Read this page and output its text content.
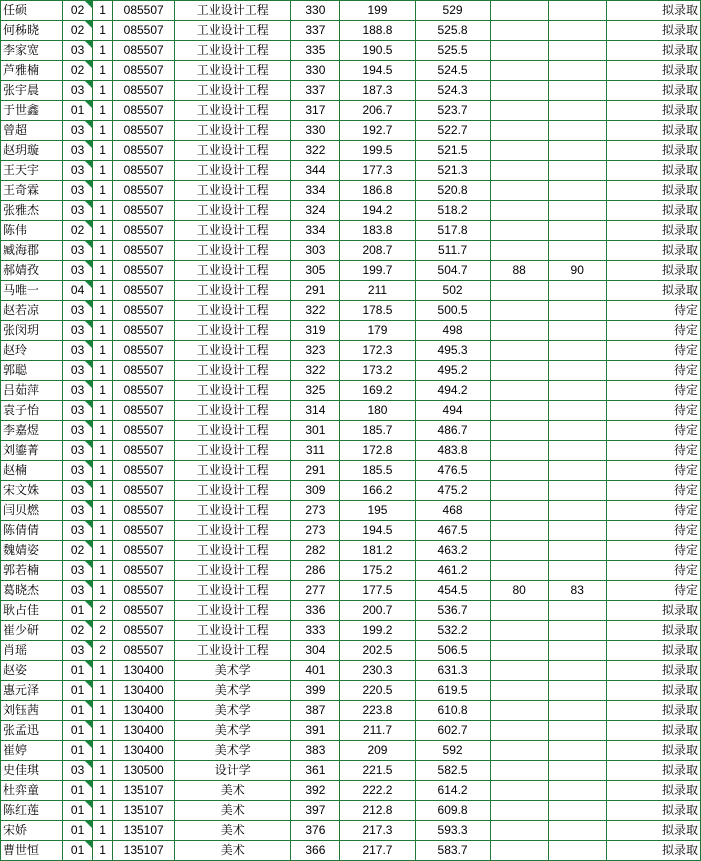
任硕	02	1	085507	工业设计工程	330	199	529			拟录取
何秭晓	02	1	085507	工业设计工程	337	188.8	525.8			拟录取
李家宽	03	1	085507	工业设计工程	335	190.5	525.5			拟录取
芦雅楠	02	1	085507	工业设计工程	330	194.5	524.5			拟录取
张宇晨	03	1	085507	工业设计工程	337	187.3	524.3			拟录取
于世鑫	01	1	085507	工业设计工程	317	206.7	523.7			拟录取
曾超	03	1	085507	工业设计工程	330	192.7	522.7			拟录取
赵玥璇	03	1	085507	工业设计工程	322	199.5	521.5			拟录取
王天宇	03	1	085507	工业设计工程	344	177.3	521.3			拟录取
王奇霖	03	1	085507	工业设计工程	334	186.8	520.8			拟录取
张雅杰	03	1	085507	工业设计工程	324	194.2	518.2			拟录取
陈伟	02	1	085507	工业设计工程	334	183.8	517.8			拟录取
臧海郡	03	1	085507	工业设计工程	303	208.7	511.7			拟录取
郝婧孜	03	1	085507	工业设计工程	305	199.7	504.7	88	90	拟录取
马唯一	04	1	085507	工业设计工程	291	211	502			拟录取
赵若凉	03	1	085507	工业设计工程	322	178.5	500.5			待定
张闵玥	03	1	085507	工业设计工程	319	179	498			待定
赵玲	03	1	085507	工业设计工程	323	172.3	495.3			待定
郭聪	03	1	085507	工业设计工程	322	173.2	495.2			待定
吕茹萍	03	1	085507	工业设计工程	325	169.2	494.2			待定
袁子怡	03	1	085507	工业设计工程	314	180	494			待定
李嘉煜	03	1	085507	工业设计工程	301	185.7	486.7			待定
刘鎏菁	03	1	085507	工业设计工程	311	172.8	483.8			待定
赵楠	03	1	085507	工业设计工程	291	185.5	476.5			待定
宋文姝	03	1	085507	工业设计工程	309	166.2	475.2			待定
闫贝燃	03	1	085507	工业设计工程	273	195	468			待定
陈倩倩	03	1	085507	工业设计工程	273	194.5	467.5			待定
魏婧姿	02	1	085507	工业设计工程	282	181.2	463.2			待定
郭若楠	03	1	085507	工业设计工程	286	175.2	461.2			待定
葛晓杰	03	1	085507	工业设计工程	277	177.5	454.5	80	83	待定
耿占佳	01	2	085507	工业设计工程	336	200.7	536.7			拟录取
崔少研	02	2	085507	工业设计工程	333	199.2	532.2			拟录取
肖瑶	03	2	085507	工业设计工程	304	202.5	506.5			拟录取
赵姿	01	1	130400	美术学	401	230.3	631.3			拟录取
惠元泽	01	1	130400	美术学	399	220.5	619.5			拟录取
刘钰茜	01	1	130400	美术学	387	223.8	610.8			拟录取
张孟迅	01	1	130400	美术学	391	211.7	602.7			拟录取
崔婷	01	1	130400	美术学	383	209	592			拟录取
史佳琪	03	1	130500	设计学	361	221.5	582.5			拟录取
杜弈童	01	1	135107	美术	392	222.2	614.2			拟录取
陈红莲	01	1	135107	美术	397	212.8	609.8			拟录取
宋娇	01	1	135107	美术	376	217.3	593.3			拟录取
曹世恒	01	1	135107	美术	366	217.7	583.7			拟录取
